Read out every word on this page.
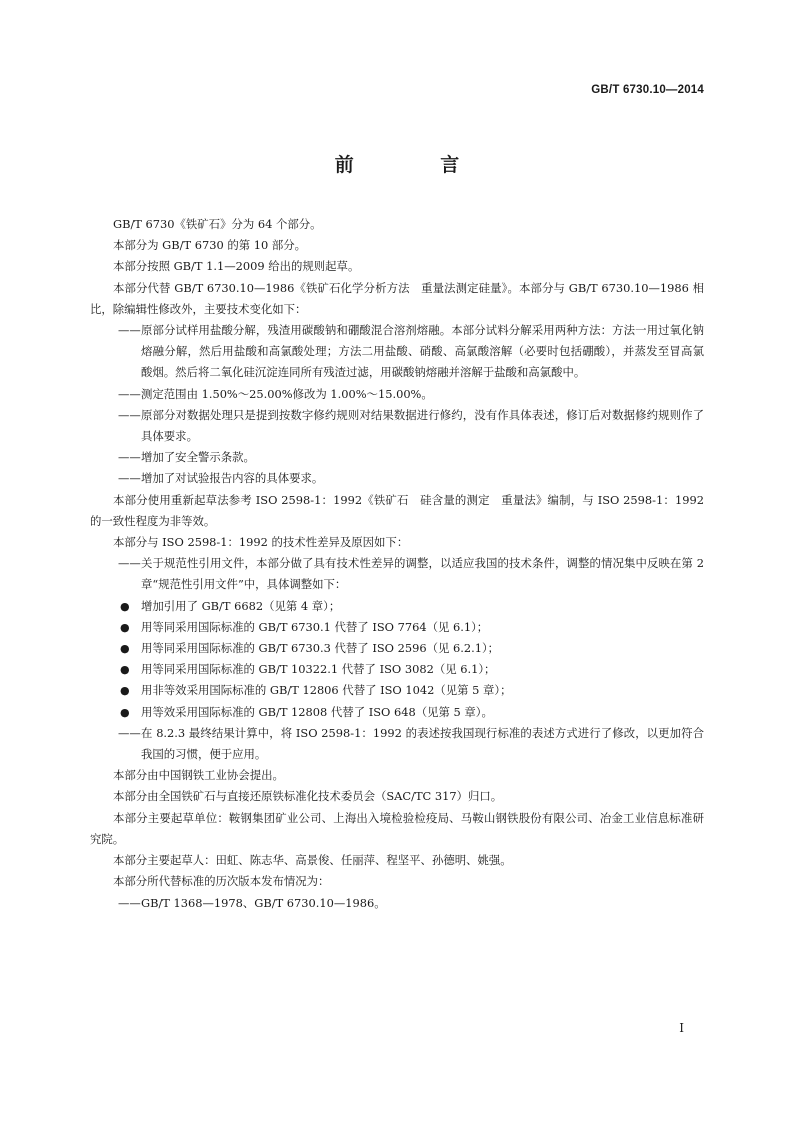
GB/T 6730.10—2014
前 言

GB/T 6730《铁矿石》分为 64 个部分。

本部分为 GB/T 6730 的第 10 部分。

本部分按照 GB/T 1.1—2009 给出的规则起草。

本部分代替 GB/T 6730.10—1986《铁矿石化学分析方法　重量法测定硅量》。本部分与 GB/T 6730.10—1986 相比，除编辑性修改外，主要技术变化如下：

—— 原部分试样用盐酸分解，残渣用碳酸钠和硼酸混合溶剂熔融。本部分试料分解采用两种方法：方法一用过氧化钠熔融分解，然后用盐酸和高氯酸处理；方法二用盐酸、硝酸、高氯酸溶解（必要时包括硼酸），并蒸发至冒高氯酸烟。然后将二氧化硅沉淀连同所有残渣过滤，用碳酸钠熔融并溶解于盐酸和高氯酸中。
—— 测定范围由 1.50%～25.00%修改为 1.00%～15.00%。
—— 原部分对数据处理只是提到按数字修约规则对结果数据进行修约，没有作具体表述，修订后对数据修约规则作了具体要求。
—— 增加了安全警示条款。
—— 增加了对试验报告内容的具体要求。

本部分使用重新起草法参考 ISO 2598-1：1992《铁矿石　硅含量的测定　重量法》编制，与 ISO 2598-1：1992 的一致性程度为非等效。

本部分与 ISO 2598-1：1992 的技术性差异及原因如下：

—— 关于规范性引用文件，本部分做了具有技术性差异的调整，以适应我国的技术条件，调整的情况集中反映在第 2 章“规范性引用文件”中，具体调整如下：
● 增加引用了 GB/T 6682（见第 4 章）；
● 用等同采用国际标准的 GB/T 6730.1 代替了 ISO 7764（见 6.1）；
● 用等同采用国际标准的 GB/T 6730.3 代替了 ISO 2596（见 6.2.1）；
● 用等同采用国际标准的 GB/T 10322.1 代替了 ISO 3082（见 6.1）；
● 用非等效采用国际标准的 GB/T 12806 代替了 ISO 1042（见第 5 章）；
● 用等效采用国际标准的 GB/T 12808 代替了 ISO 648（见第 5 章）。
—— 在 8.2.3 最终结果计算中，将 ISO 2598-1：1992 的表述按我国现行标准的表述方式进行了修改，以更加符合我国的习惯，便于应用。

本部分由中国钢铁工业协会提出。

本部分由全国铁矿石与直接还原铁标准化技术委员会（SAC/TC 317）归口。

本部分主要起草单位：鞍钢集团矿业公司、上海出入境检验检疫局、马鞍山钢铁股份有限公司、冶金工业信息标准研究院。

本部分主要起草人：田虹、陈志华、高景俊、任丽萍、程坚平、孙德明、姚强。

本部分所代替标准的历次版本发布情况为：

—— GB/T 1368—1978、GB/T 6730.10—1986。
I
